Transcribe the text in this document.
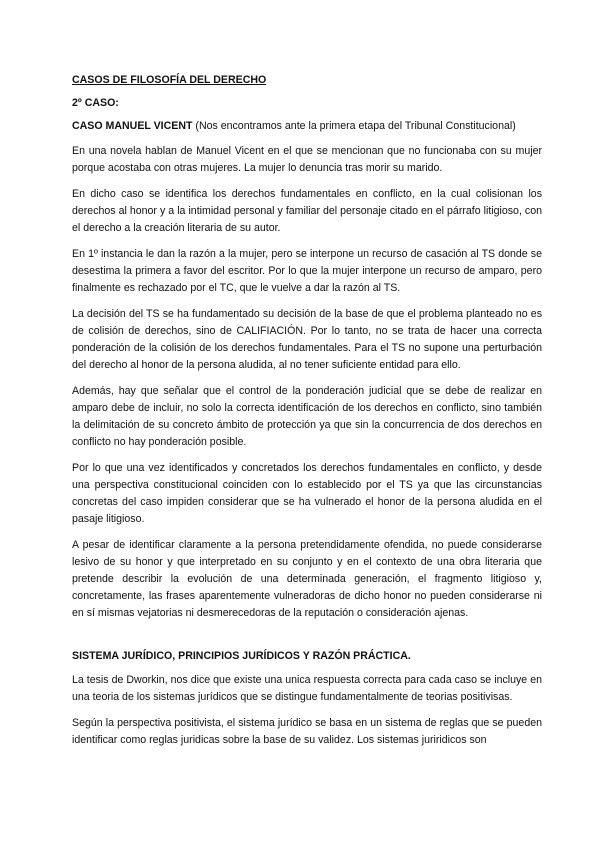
CASOS DE FILOSOFÍA DEL DERECHO

2º CASO:

CASO MANUEL VICENT (Nos encontramos ante la primera etapa del Tribunal Constitucional)

En una novela hablan de Manuel Vicent en el que se mencionan que no funcionaba con su mujer porque acostaba con otras mujeres. La mujer lo denuncia tras morir su marido.

En dicho caso se identifica los derechos fundamentales en conflicto, en la cual colisionan los derechos al honor y a la intimidad personal y familiar del personaje citado en el párrafo litigioso, con el derecho a la creación literaria de su autor.

En 1º instancia le dan la razón a la mujer, pero se interpone un recurso de casación al TS donde se desestima la primera a favor del escritor. Por lo que la mujer interpone un recurso de amparo, pero finalmente es rechazado por el TC, que le vuelve a dar la razón al TS.

La decisión del TS se ha fundamentado su decisión de la base de que el problema planteado no es de colisión de derechos, sino de CALIFIACIÓN. Por lo tanto, no se trata de hacer una correcta ponderación de la colisión de los derechos fundamentales. Para el TS no supone una perturbación del derecho al honor de la persona aludida, al no tener suficiente entidad para ello.

Además, hay que señalar que el control de la ponderación judicial que se debe de realizar en amparo debe de incluir, no solo la correcta identificación de los derechos en conflicto, sino también la delimitación de su concreto ámbito de protección ya que sin la concurrencia de dos derechos en conflicto no hay ponderación posible.

Por lo que una vez identificados y concretados los derechos fundamentales en conflicto, y desde una perspectiva constitucional coinciden con lo establecido por el TS ya que las circunstancias concretas del caso impiden considerar que se ha vulnerado el honor de la persona aludida en el pasaje litigioso.

A pesar de identificar claramente a la persona pretendidamente ofendida, no puede considerarse lesivo de su honor y que interpretado en su conjunto y en el contexto de una obra literaria que pretende describir la evolución de una determinada generación, el fragmento litigioso y, concretamente, las frases aparentemente vulneradoras de dicho honor no pueden considerarse ni en sí mismas vejatorias ni desmerecedoras de la reputación o consideración ajenas.

SISTEMA JURÍDICO, PRINCIPIOS JURÍDICOS Y RAZÓN PRÁCTICA.

La tesis de Dworkin, nos dice que existe una unica respuesta correcta para cada caso se incluye en una teoria de los sistemas jurídicos que se distingue fundamentalmente de teorias positivisas.

Según la perspectiva positivista, el sistema jurídico se basa en un sistema de reglas que se pueden identificar como reglas juridicas sobre la base de su validez. Los sistemas juriridicos son
